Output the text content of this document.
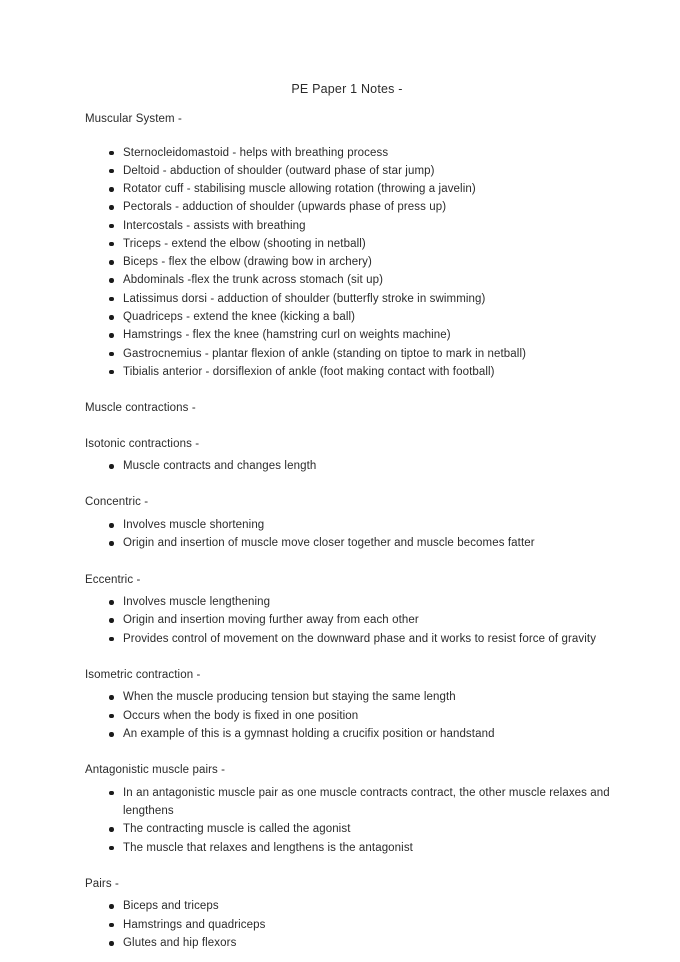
PE Paper 1 Notes -
Muscular System -
Sternocleidomastoid - helps with breathing process
Deltoid - abduction of shoulder (outward phase of star jump)
Rotator cuff - stabilising muscle allowing rotation (throwing a javelin)
Pectorals - adduction of shoulder (upwards phase of press up)
Intercostals - assists with breathing
Triceps - extend the elbow (shooting in netball)
Biceps - flex the elbow (drawing bow in archery)
Abdominals -flex the trunk across stomach (sit up)
Latissimus dorsi - adduction of shoulder (butterfly stroke in swimming)
Quadriceps - extend the knee (kicking a ball)
Hamstrings - flex the knee (hamstring curl on weights machine)
Gastrocnemius - plantar flexion of ankle (standing on tiptoe to mark in netball)
Tibialis anterior - dorsiflexion of ankle (foot making contact with football)
Muscle contractions -
Isotonic contractions -
Muscle contracts and changes length
Concentric -
Involves muscle shortening
Origin and insertion of muscle move closer together and muscle becomes fatter
Eccentric -
Involves muscle lengthening
Origin and insertion moving further away from each other
Provides control of movement on the downward phase and it works to resist force of gravity
Isometric contraction -
When the muscle producing tension but staying the same length
Occurs when the body is fixed in one position
An example of this is a gymnast holding a crucifix position or handstand
Antagonistic muscle pairs -
In an antagonistic muscle pair as one muscle contracts contract, the other muscle relaxes and lengthens
The contracting muscle is called the agonist
The muscle that relaxes and lengthens is the antagonist
Pairs -
Biceps and triceps
Hamstrings and quadriceps
Glutes and hip flexors
